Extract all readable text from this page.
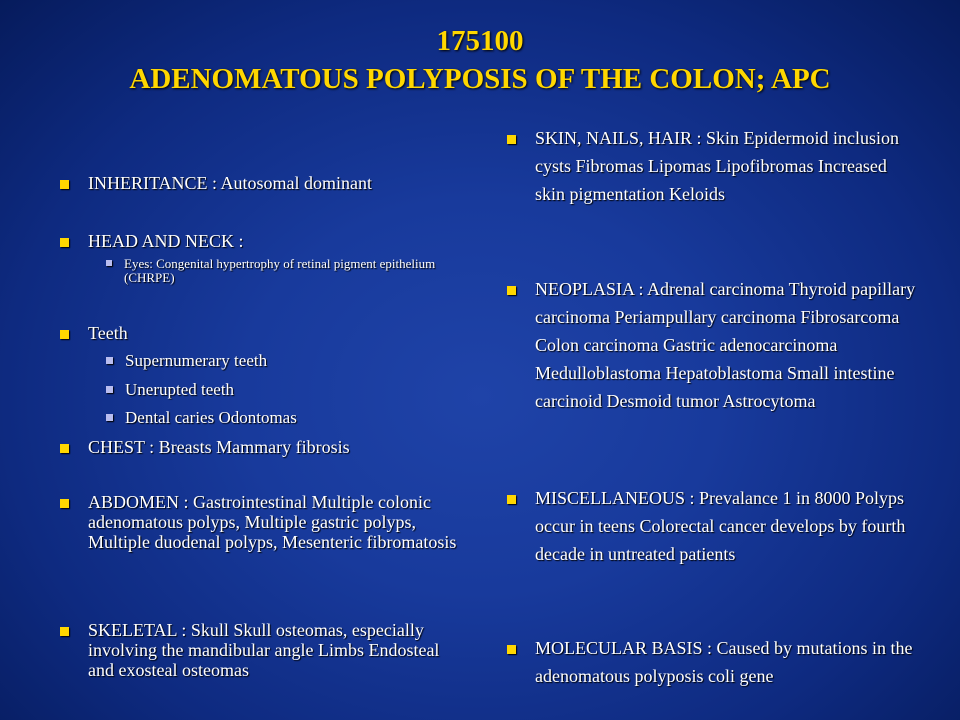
175100
ADENOMATOUS POLYPOSIS OF THE COLON; APC
INHERITANCE : Autosomal dominant
HEAD AND NECK :
Eyes: Congenital hypertrophy of retinal pigment epithelium (CHRPE)
Teeth
Supernumerary teeth
Unerupted teeth
Dental caries Odontomas
CHEST : Breasts Mammary fibrosis
ABDOMEN : Gastrointestinal Multiple colonic adenomatous polyps, Multiple gastric polyps, Multiple duodenal polyps, Mesenteric fibromatosis
SKELETAL : Skull Skull osteomas, especially involving the mandibular angle Limbs Endosteal and exosteal osteomas
SKIN, NAILS, HAIR : Skin Epidermoid inclusion cysts Fibromas Lipomas Lipofibromas Increased skin pigmentation Keloids
NEOPLASIA : Adrenal carcinoma Thyroid papillary carcinoma Periampullary carcinoma Fibrosarcoma Colon carcinoma Gastric adenocarcinoma Medulloblastoma Hepatoblastoma Small intestine carcinoid Desmoid tumor Astrocytoma
MISCELLANEOUS : Prevalance 1 in 8000 Polyps occur in teens Colorectal cancer develops by fourth decade in untreated patients
MOLECULAR BASIS : Caused by mutations in the adenomatous polyposis coli gene
